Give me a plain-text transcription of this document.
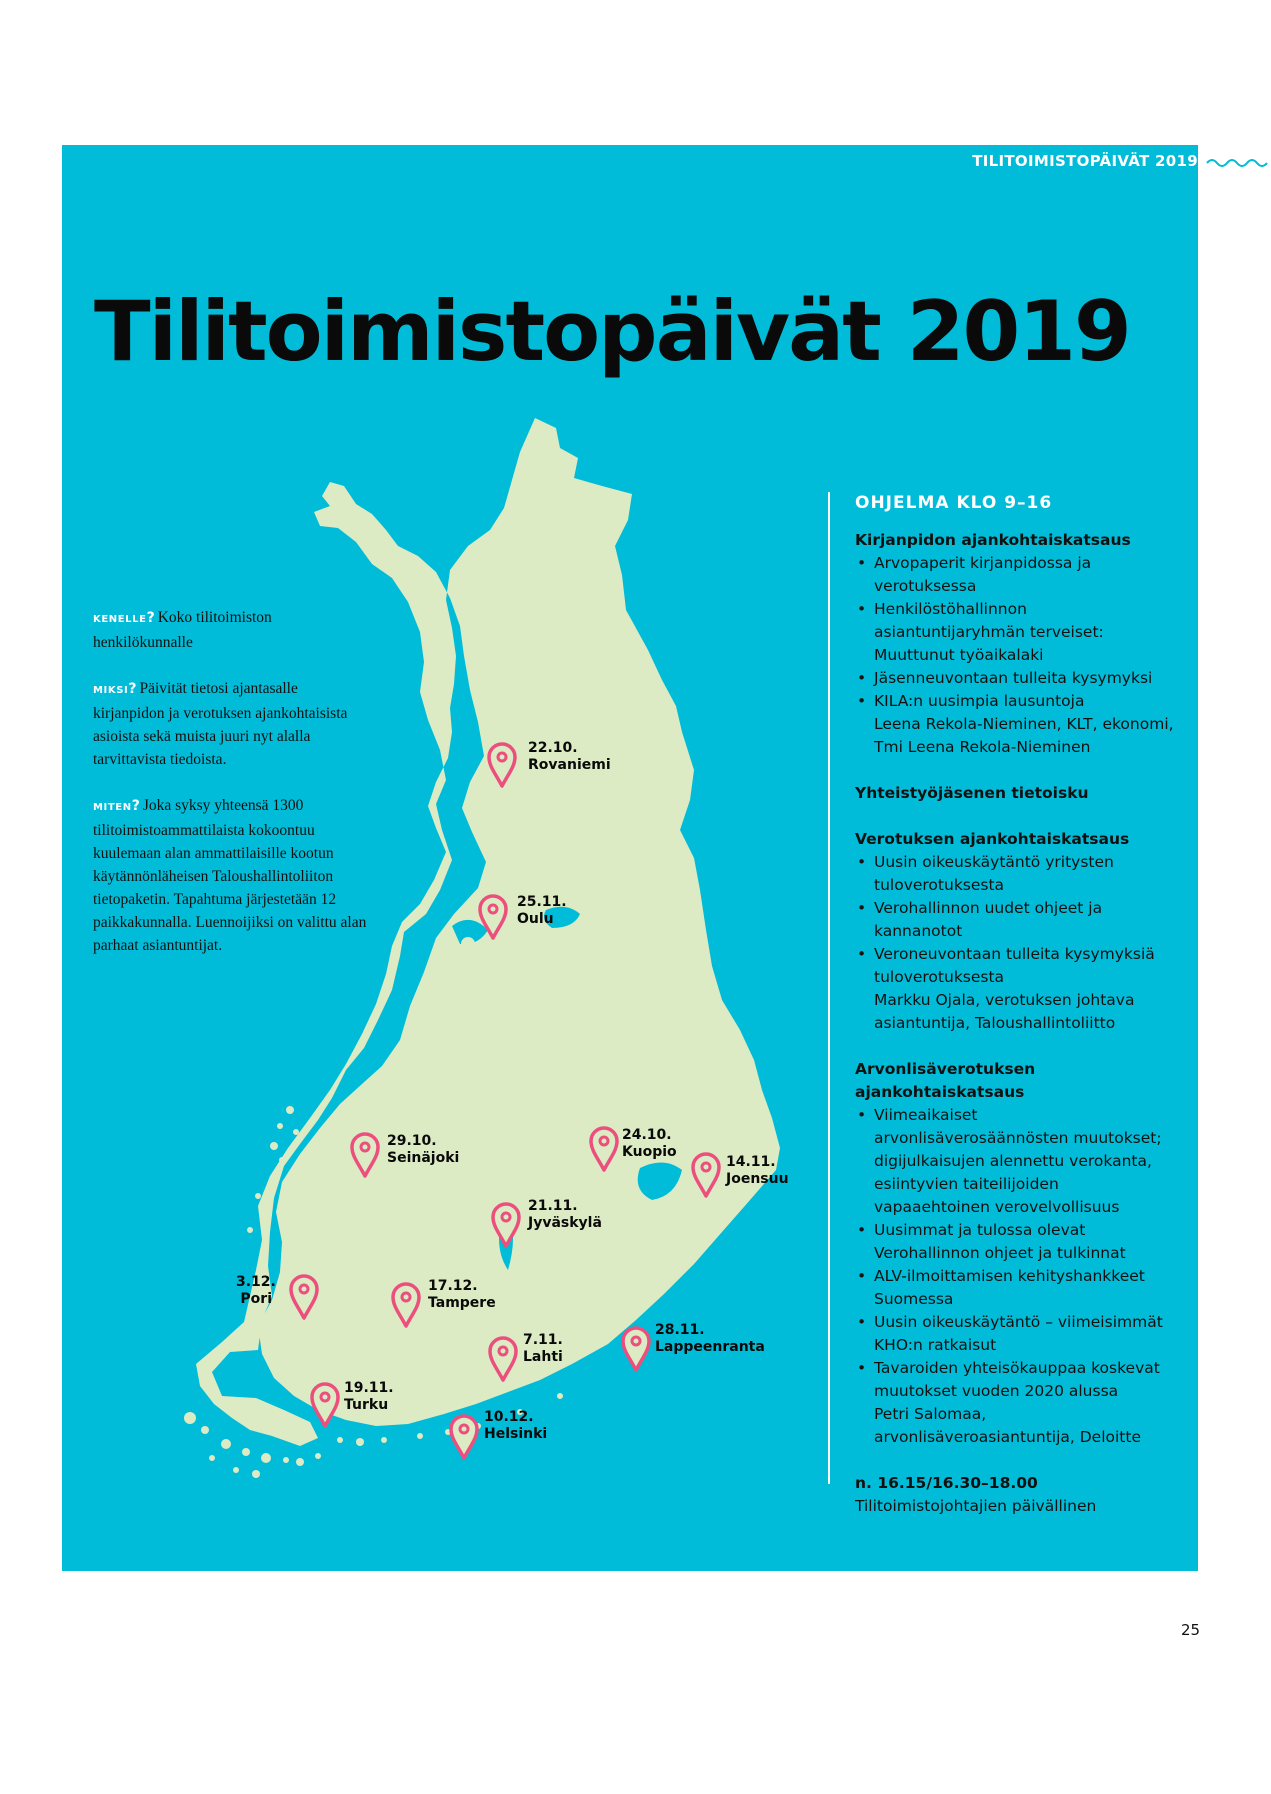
TILITOIMISTOPÄIVÄT 2019
Tilitoimistopäivät 2019
22.10.
Rovaniemi
25.11.
Oulu
29.10.
Seinäjoki
24.10.
Kuopio
14.11.
Joensuu
21.11.
Jyväskylä
3.12.
Pori
17.12.
Tampere
28.11.
Lappeenranta
7.11.
Lahti
19.11.
Turku
10.12.
Helsinki

KENELLE? Koko tilitoimiston henkilökunnalle

MIKSI? Päivität tietosi ajantasalle kirjanpidon ja verotuksen ajankohtaisista asioista sekä muista juuri nyt alalla tarvittavista tiedoista.

MITEN? Joka syksy yhteensä 1300 tilitoimistoammattilaista kokoontuu kuulemaan alan ammattilaisille kootun käytännönläheisen Taloushallintoliiton tietopaketin. Tapahtuma järjestetään 12 paikkakunnalla. Luennoijiksi on valittu alan parhaat asiantuntijat.

OHJELMA KLO 9–16
Kirjanpidon ajankohtaiskatsaus
• Arvopaperit kirjanpidossa ja verotuksessa
• Henkilöstöhallinnon asiantuntijaryhmän terveiset: Muuttunut työaikalaki
• Jäsenneuvontaan tulleita kysymyksi
• KILA:n uusimpia lausuntoja
Leena Rekola-Nieminen, KLT, ekonomi, Tmi Leena Rekola-Nieminen
Yhteistyöjäsenen tietoisku
Verotuksen ajankohtaiskatsaus
• Uusin oikeuskäytäntö yritysten tuloverotuksesta
• Verohallinnon uudet ohjeet ja kannanotot
• Veroneuvontaan tulleita kysymyksiä tuloverotuksesta
Markku Ojala, verotuksen johtava asiantuntija, Taloushallintoliitto
Arvonlisäverotuksen ajankohtaiskatsaus
• Viimeaikaiset arvonlisäverosäännösten muutokset; digijulkaisujen alennettu verokanta, esiintyvien taiteilijoiden vapaaehtoinen verovelvollisuus
• Uusimmat ja tulossa olevat Verohallinnon ohjeet ja tulkinnat
• ALV-ilmoittamisen kehityshankkeet Suomessa
• Uusin oikeuskäytäntö – viimeisimmät KHO:n ratkaisut
• Tavaroiden yhteisökauppaa koskevat muutokset vuoden 2020 alussa
Petri Salomaa, arvonlisäveroasiantuntija, Deloitte
n. 16.15/16.30–18.00
Tilitoimistojohtajien päivällinen
25
